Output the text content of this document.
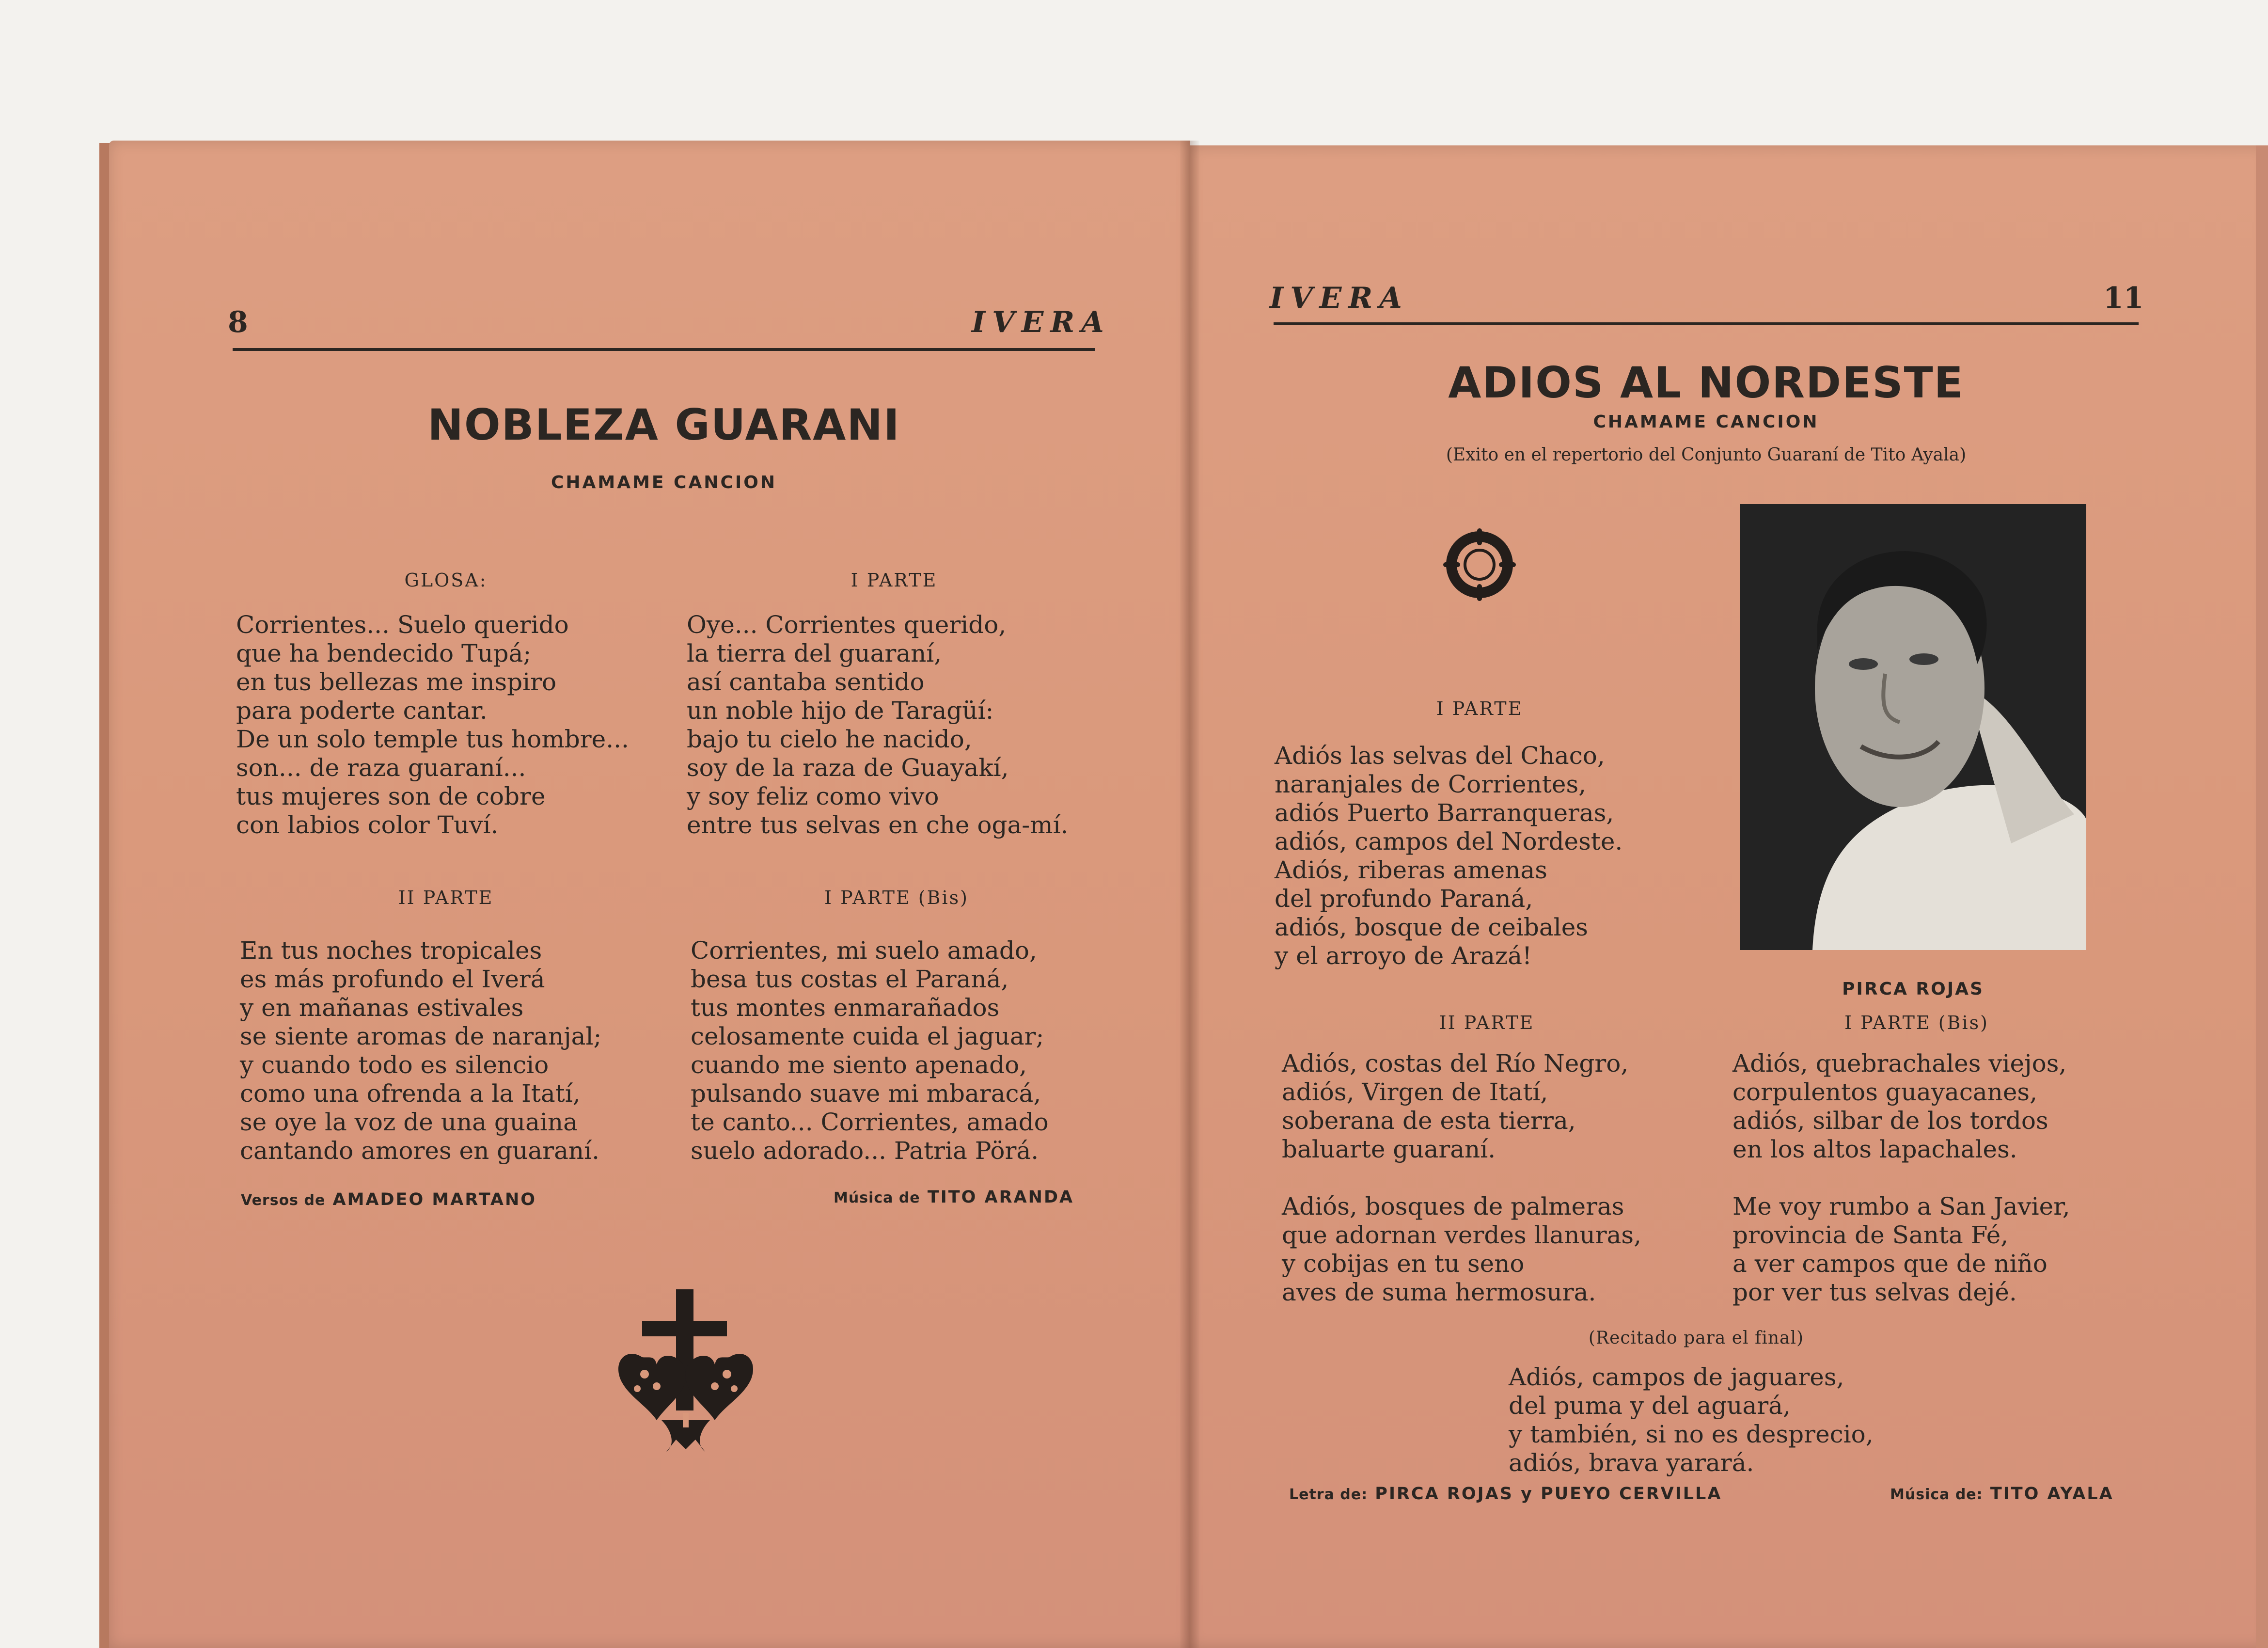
8	IVERA
NOBLEZA GUARANI
CHAMAME CANCION
GLOSA:
Corrientes... Suelo querido
que ha bendecido Tupá;
en tus bellezas me inspiro
para poderte cantar.
De un solo temple tus hombre...
son... de raza guaraní...
tus mujeres son de cobre
con labios color Tuví.
I PARTE
Oye... Corrientes querido,
la tierra del guaraní,
así cantaba sentido
un noble hijo de Taragüí:
bajo tu cielo he nacido,
soy de la raza de Guayakí,
y soy feliz como vivo
entre tus selvas en che oga-mí.
II PARTE
En tus noches tropicales
es más profundo el Iverá
y en mañanas estivales
se siente aromas de naranjal;
y cuando todo es silencio
como una ofrenda a la Itatí,
se oye la voz de una guaina
cantando amores en guaraní.
I PARTE (Bis)
Corrientes, mi suelo amado,
besa tus costas el Paraná,
tus montes enmarañados
celosamente cuida el jaguar;
cuando me siento apenado,
pulsando suave mi mbaracá,
te canto... Corrientes, amado
suelo adorado... Patria Pörá.
Versos de AMADEO MARTANO	Música de TITO ARANDA
IVERA	11
ADIOS AL NORDESTE
CHAMAME CANCION
(Exito en el repertorio del Conjunto Guaraní de Tito Ayala)
PIRCA ROJAS
I PARTE
Adiós las selvas del Chaco,
naranjales de Corrientes,
adiós Puerto Barranqueras,
adiós, campos del Nordeste.
Adiós, riberas amenas
del profundo Paraná,
adiós, bosque de ceibales
y el arroyo de Arazá!
II PARTE
Adiós, costas del Río Negro,
adiós, Virgen de Itatí,
soberana de esta tierra,
baluarte guaraní.

Adiós, bosques de palmeras
que adornan verdes llanuras,
y cobijas en tu seno
aves de suma hermosura.
I PARTE (Bis)
Adiós, quebrachales viejos,
corpulentos guayacanes,
adiós, silbar de los tordos
en los altos lapachales.

Me voy rumbo a San Javier,
provincia de Santa Fé,
a ver campos que de niño
por ver tus selvas dejé.
(Recitado para el final)
Adiós, campos de jaguares,
del puma y del aguará,
y también, si no es desprecio,
adiós, brava yarará.
Letra de: PIRCA ROJAS y PUEYO CERVILLA	Música de: TITO AYALA
